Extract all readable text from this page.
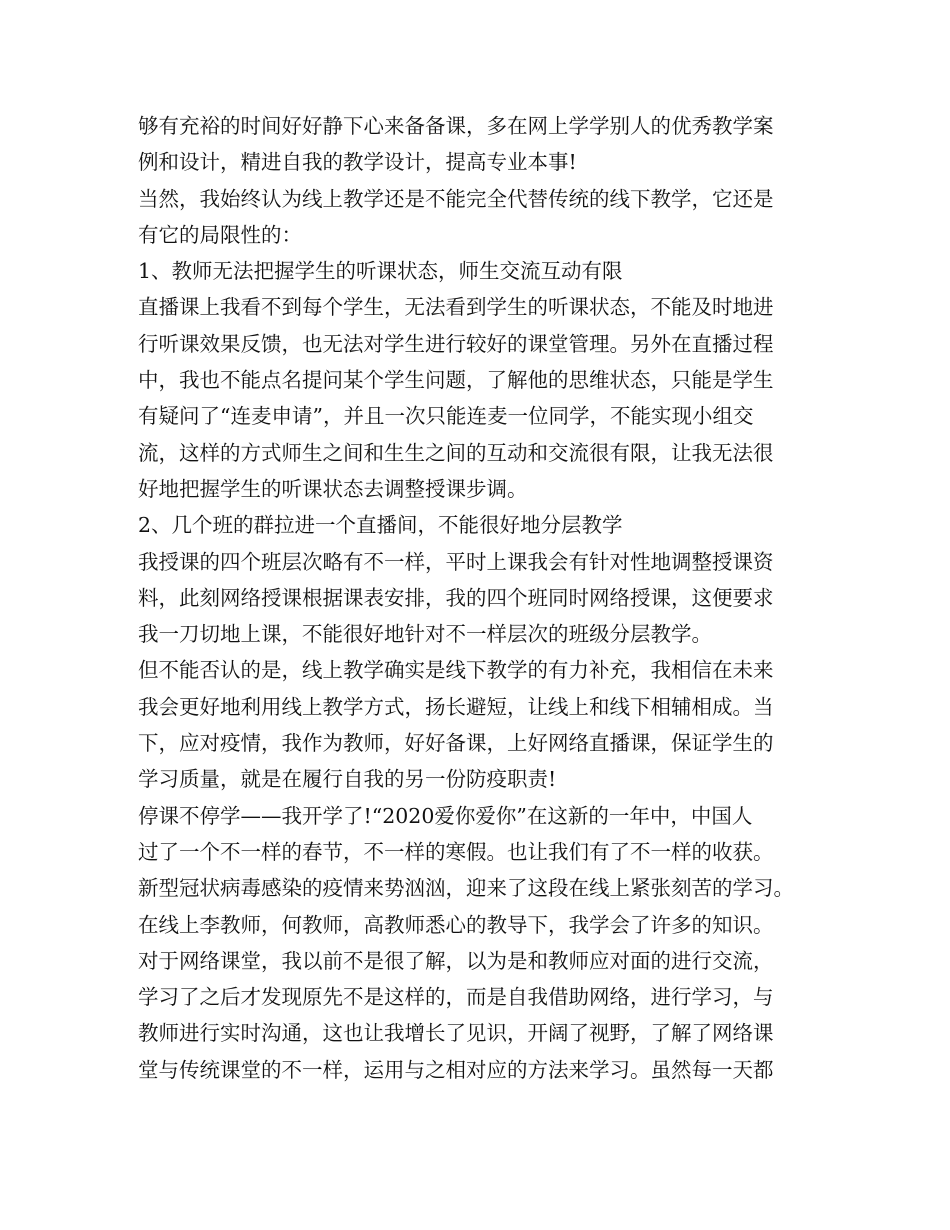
够有充裕的时间好好静下心来备备课，多在网上学学别人的优秀教学案
例和设计，精进自我的教学设计，提高专业本事!
当然，我始终认为线上教学还是不能完全代替传统的线下教学，它还是
有它的局限性的：
1、教师无法把握学生的听课状态，师生交流互动有限
直播课上我看不到每个学生，无法看到学生的听课状态，不能及时地进
行听课效果反馈，也无法对学生进行较好的课堂管理。另外在直播过程
中，我也不能点名提问某个学生问题，了解他的思维状态，只能是学生
有疑问了“连麦申请”，并且一次只能连麦一位同学，不能实现小组交
流，这样的方式师生之间和生生之间的互动和交流很有限，让我无法很
好地把握学生的听课状态去调整授课步调。
2、几个班的群拉进一个直播间，不能很好地分层教学
我授课的四个班层次略有不一样，平时上课我会有针对性地调整授课资
料，此刻网络授课根据课表安排，我的四个班同时网络授课，这便要求
我一刀切地上课，不能很好地针对不一样层次的班级分层教学。
但不能否认的是，线上教学确实是线下教学的有力补充，我相信在未来
我会更好地利用线上教学方式，扬长避短，让线上和线下相辅相成。当
下，应对疫情，我作为教师，好好备课，上好网络直播课，保证学生的
学习质量，就是在履行自我的另一份防疫职责!
停课不停学——我开学了!“2020爱你爱你”在这新的一年中，中国人
过了一个不一样的春节，不一样的寒假。也让我们有了不一样的收获。
新型冠状病毒感染的疫情来势汹汹，迎来了这段在线上紧张刻苦的学习。
在线上李教师，何教师，高教师悉心的教导下，我学会了许多的知识。
对于网络课堂，我以前不是很了解，以为是和教师应对面的进行交流，
学习了之后才发现原先不是这样的，而是自我借助网络，进行学习，与
教师进行实时沟通，这也让我增长了见识，开阔了视野，了解了网络课
堂与传统课堂的不一样，运用与之相对应的方法来学习。虽然每一天都
